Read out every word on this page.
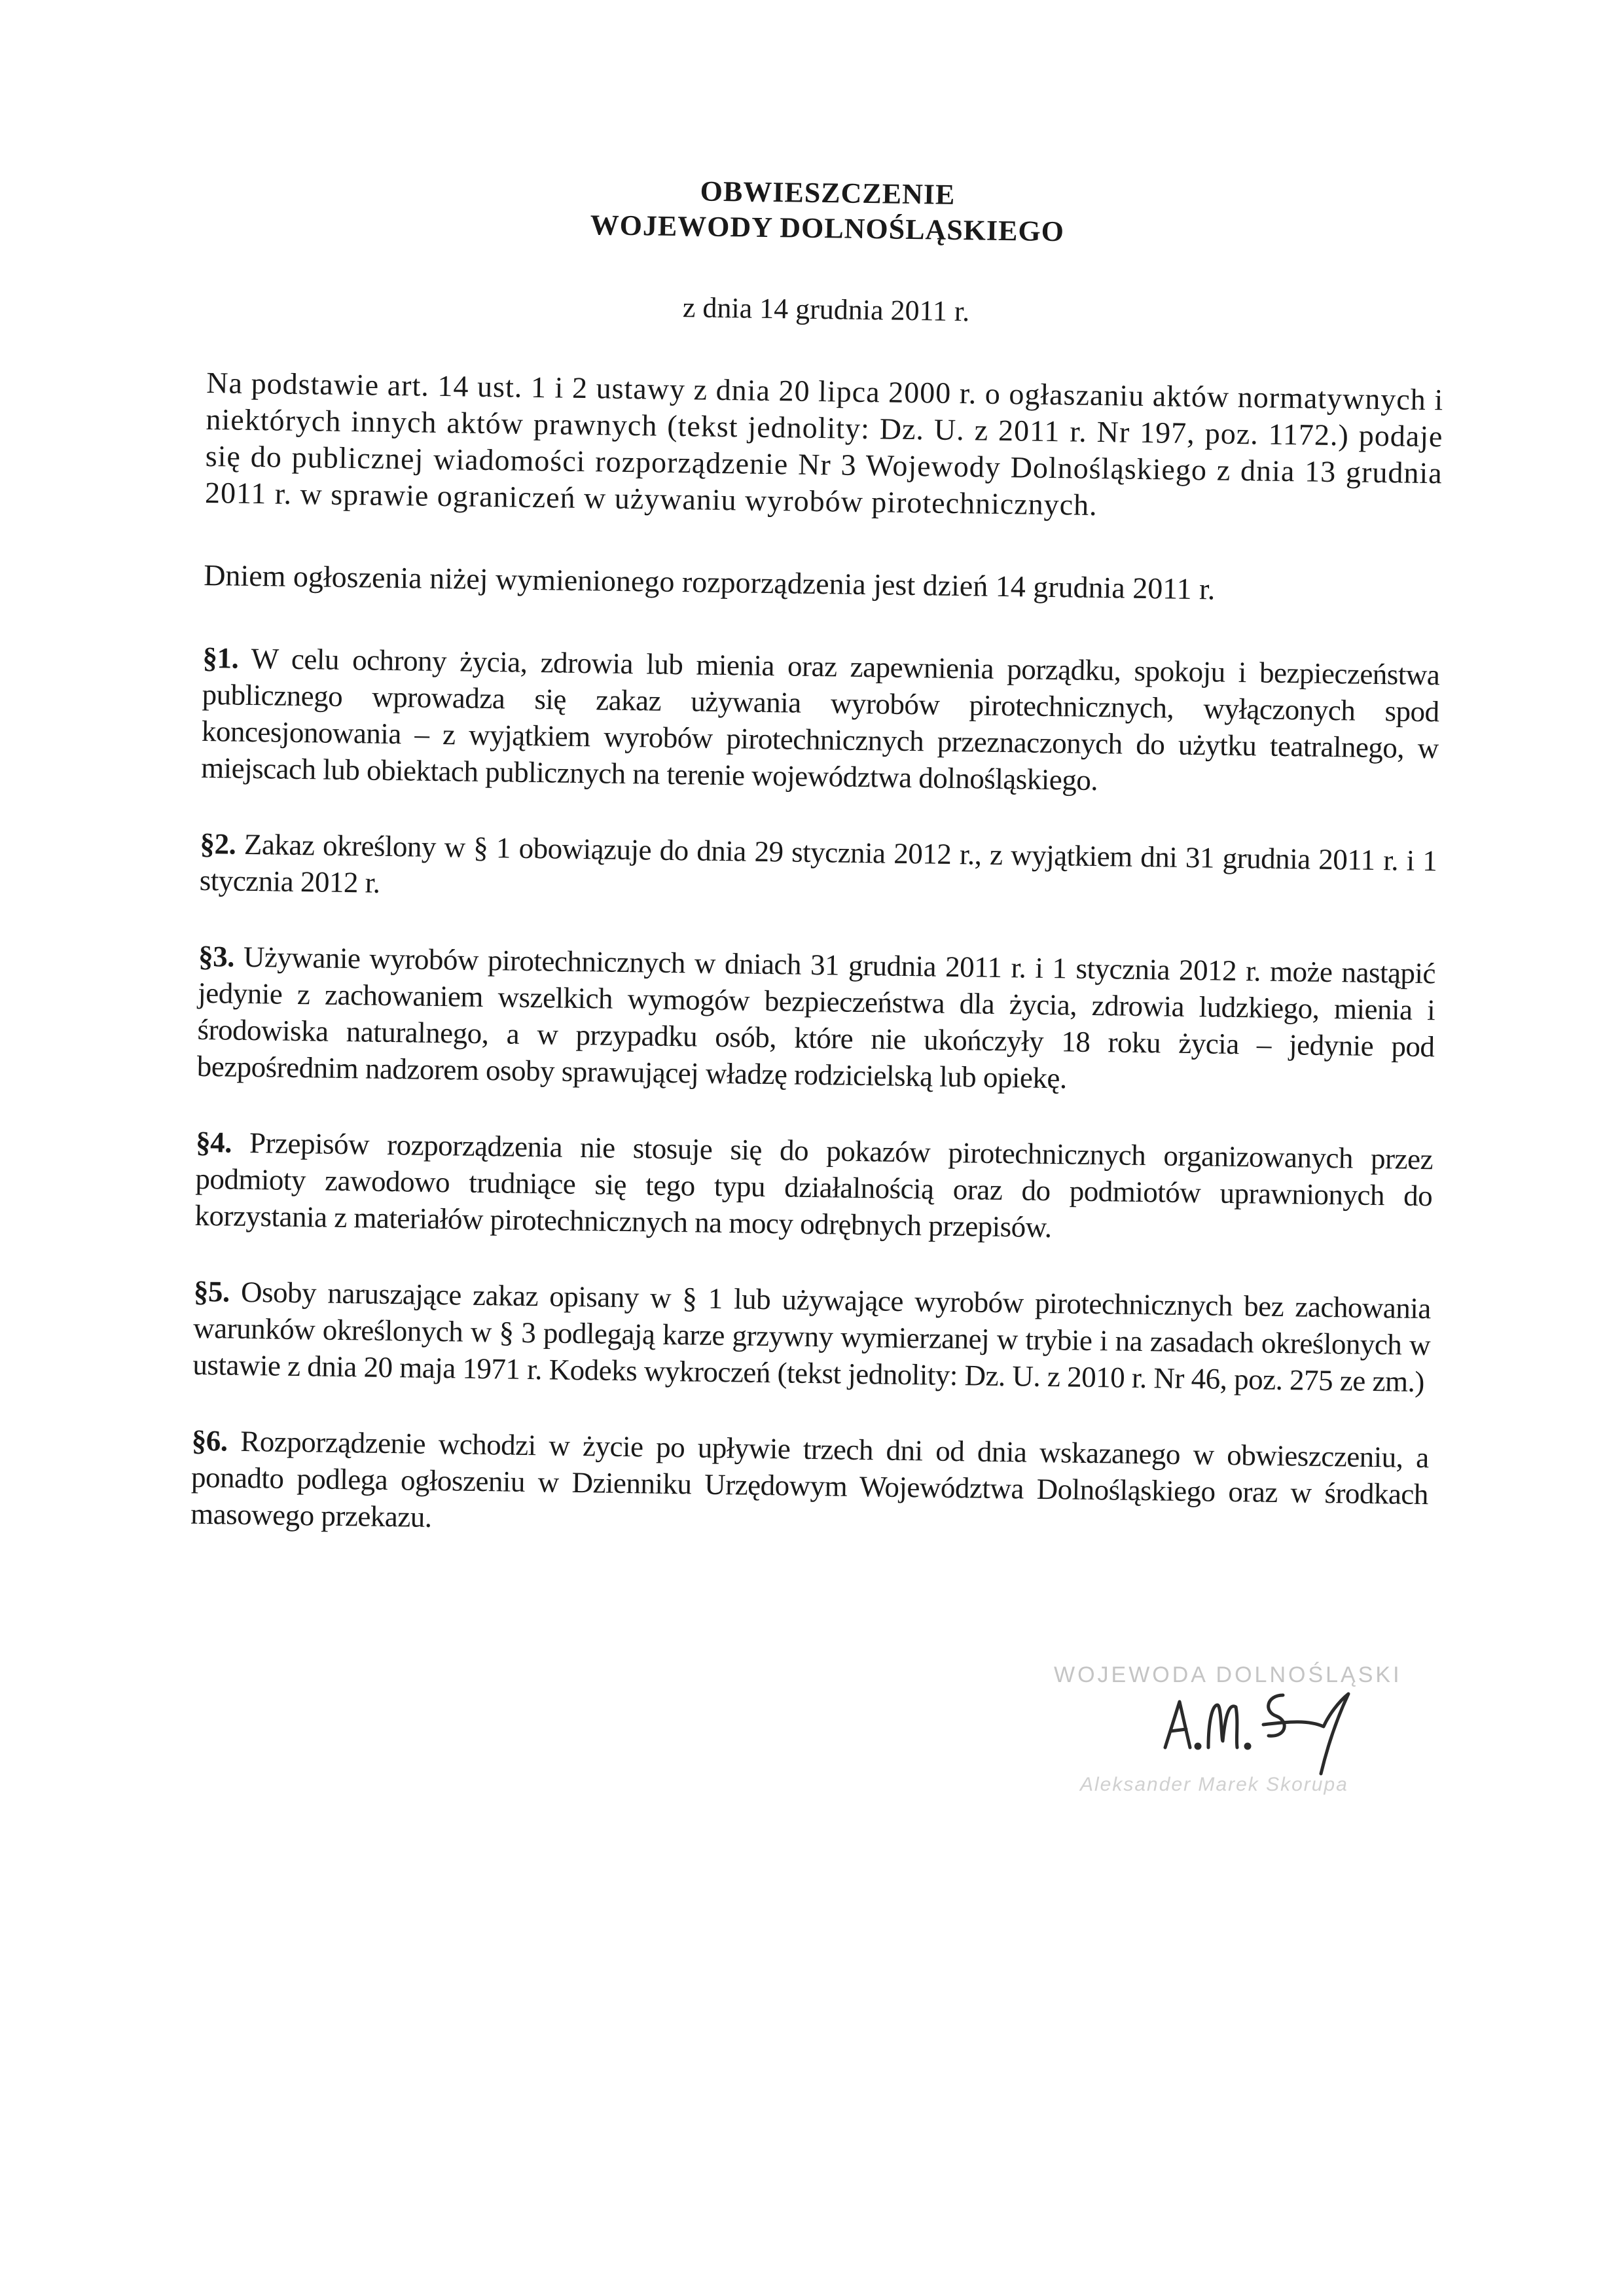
OBWIESZCZENIE
WOJEWODY DOLNOŚLĄSKIEGO
z dnia 14 grudnia 2011 r.

Na podstawie art. 14 ust. 1 i 2 ustawy z dnia 20 lipca 2000 r. o ogłaszaniu aktów normatywnych i niektórych innych aktów prawnych (tekst jednolity: Dz. U. z 2011 r. Nr 197, poz. 1172.) podaje się do publicznej wiadomości rozporządzenie Nr 3 Wojewody Dolnośląskiego z dnia 13 grudnia 2011 r. w sprawie ograniczeń w używaniu wyrobów pirotechnicznych.

Dniem ogłoszenia niżej wymienionego rozporządzenia jest dzień 14 grudnia 2011 r.

§1. W celu ochrony życia, zdrowia lub mienia oraz zapewnienia porządku, spokoju i bezpieczeństwa publicznego wprowadza się zakaz używania wyrobów pirotechnicznych, wyłączonych spod koncesjonowania – z wyjątkiem wyrobów pirotechnicznych przeznaczonych do użytku teatralnego, w miejscach lub obiektach publicznych na terenie województwa dolnośląskiego.

§2. Zakaz określony w § 1 obowiązuje do dnia 29 stycznia 2012 r., z wyjątkiem dni 31 grudnia 2011 r. i 1 stycznia 2012 r.

§3. Używanie wyrobów pirotechnicznych w dniach 31 grudnia 2011 r. i 1 stycznia 2012 r. może nastąpić jedynie z zachowaniem wszelkich wymogów bezpieczeństwa dla życia, zdrowia ludzkiego, mienia i środowiska naturalnego, a w przypadku osób, które nie ukończyły 18 roku życia – jedynie pod bezpośrednim nadzorem osoby sprawującej władzę rodzicielską lub opiekę.

§4. Przepisów rozporządzenia nie stosuje się do pokazów pirotechnicznych organizowanych przez podmioty zawodowo trudniące się tego typu działalnością oraz do podmiotów uprawnionych do korzystania z materiałów pirotechnicznych na mocy odrębnych przepisów.

§5. Osoby naruszające zakaz opisany w § 1 lub używające wyrobów pirotechnicznych bez zachowania warunków określonych w § 3 podlegają karze grzywny wymierzanej w trybie i na zasadach określonych w ustawie z dnia 20 maja 1971 r. Kodeks wykroczeń (tekst jednolity: Dz. U. z 2010 r. Nr 46, poz. 275 ze zm.)

§6. Rozporządzenie wchodzi w życie po upływie trzech dni od dnia wskazanego w obwieszczeniu, a ponadto podlega ogłoszeniu w Dzienniku Urzędowym Województwa Dolnośląskiego oraz w środkach masowego przekazu.

WOJEWODA DOLNOŚLĄSKI
Aleksander Marek Skorupa
